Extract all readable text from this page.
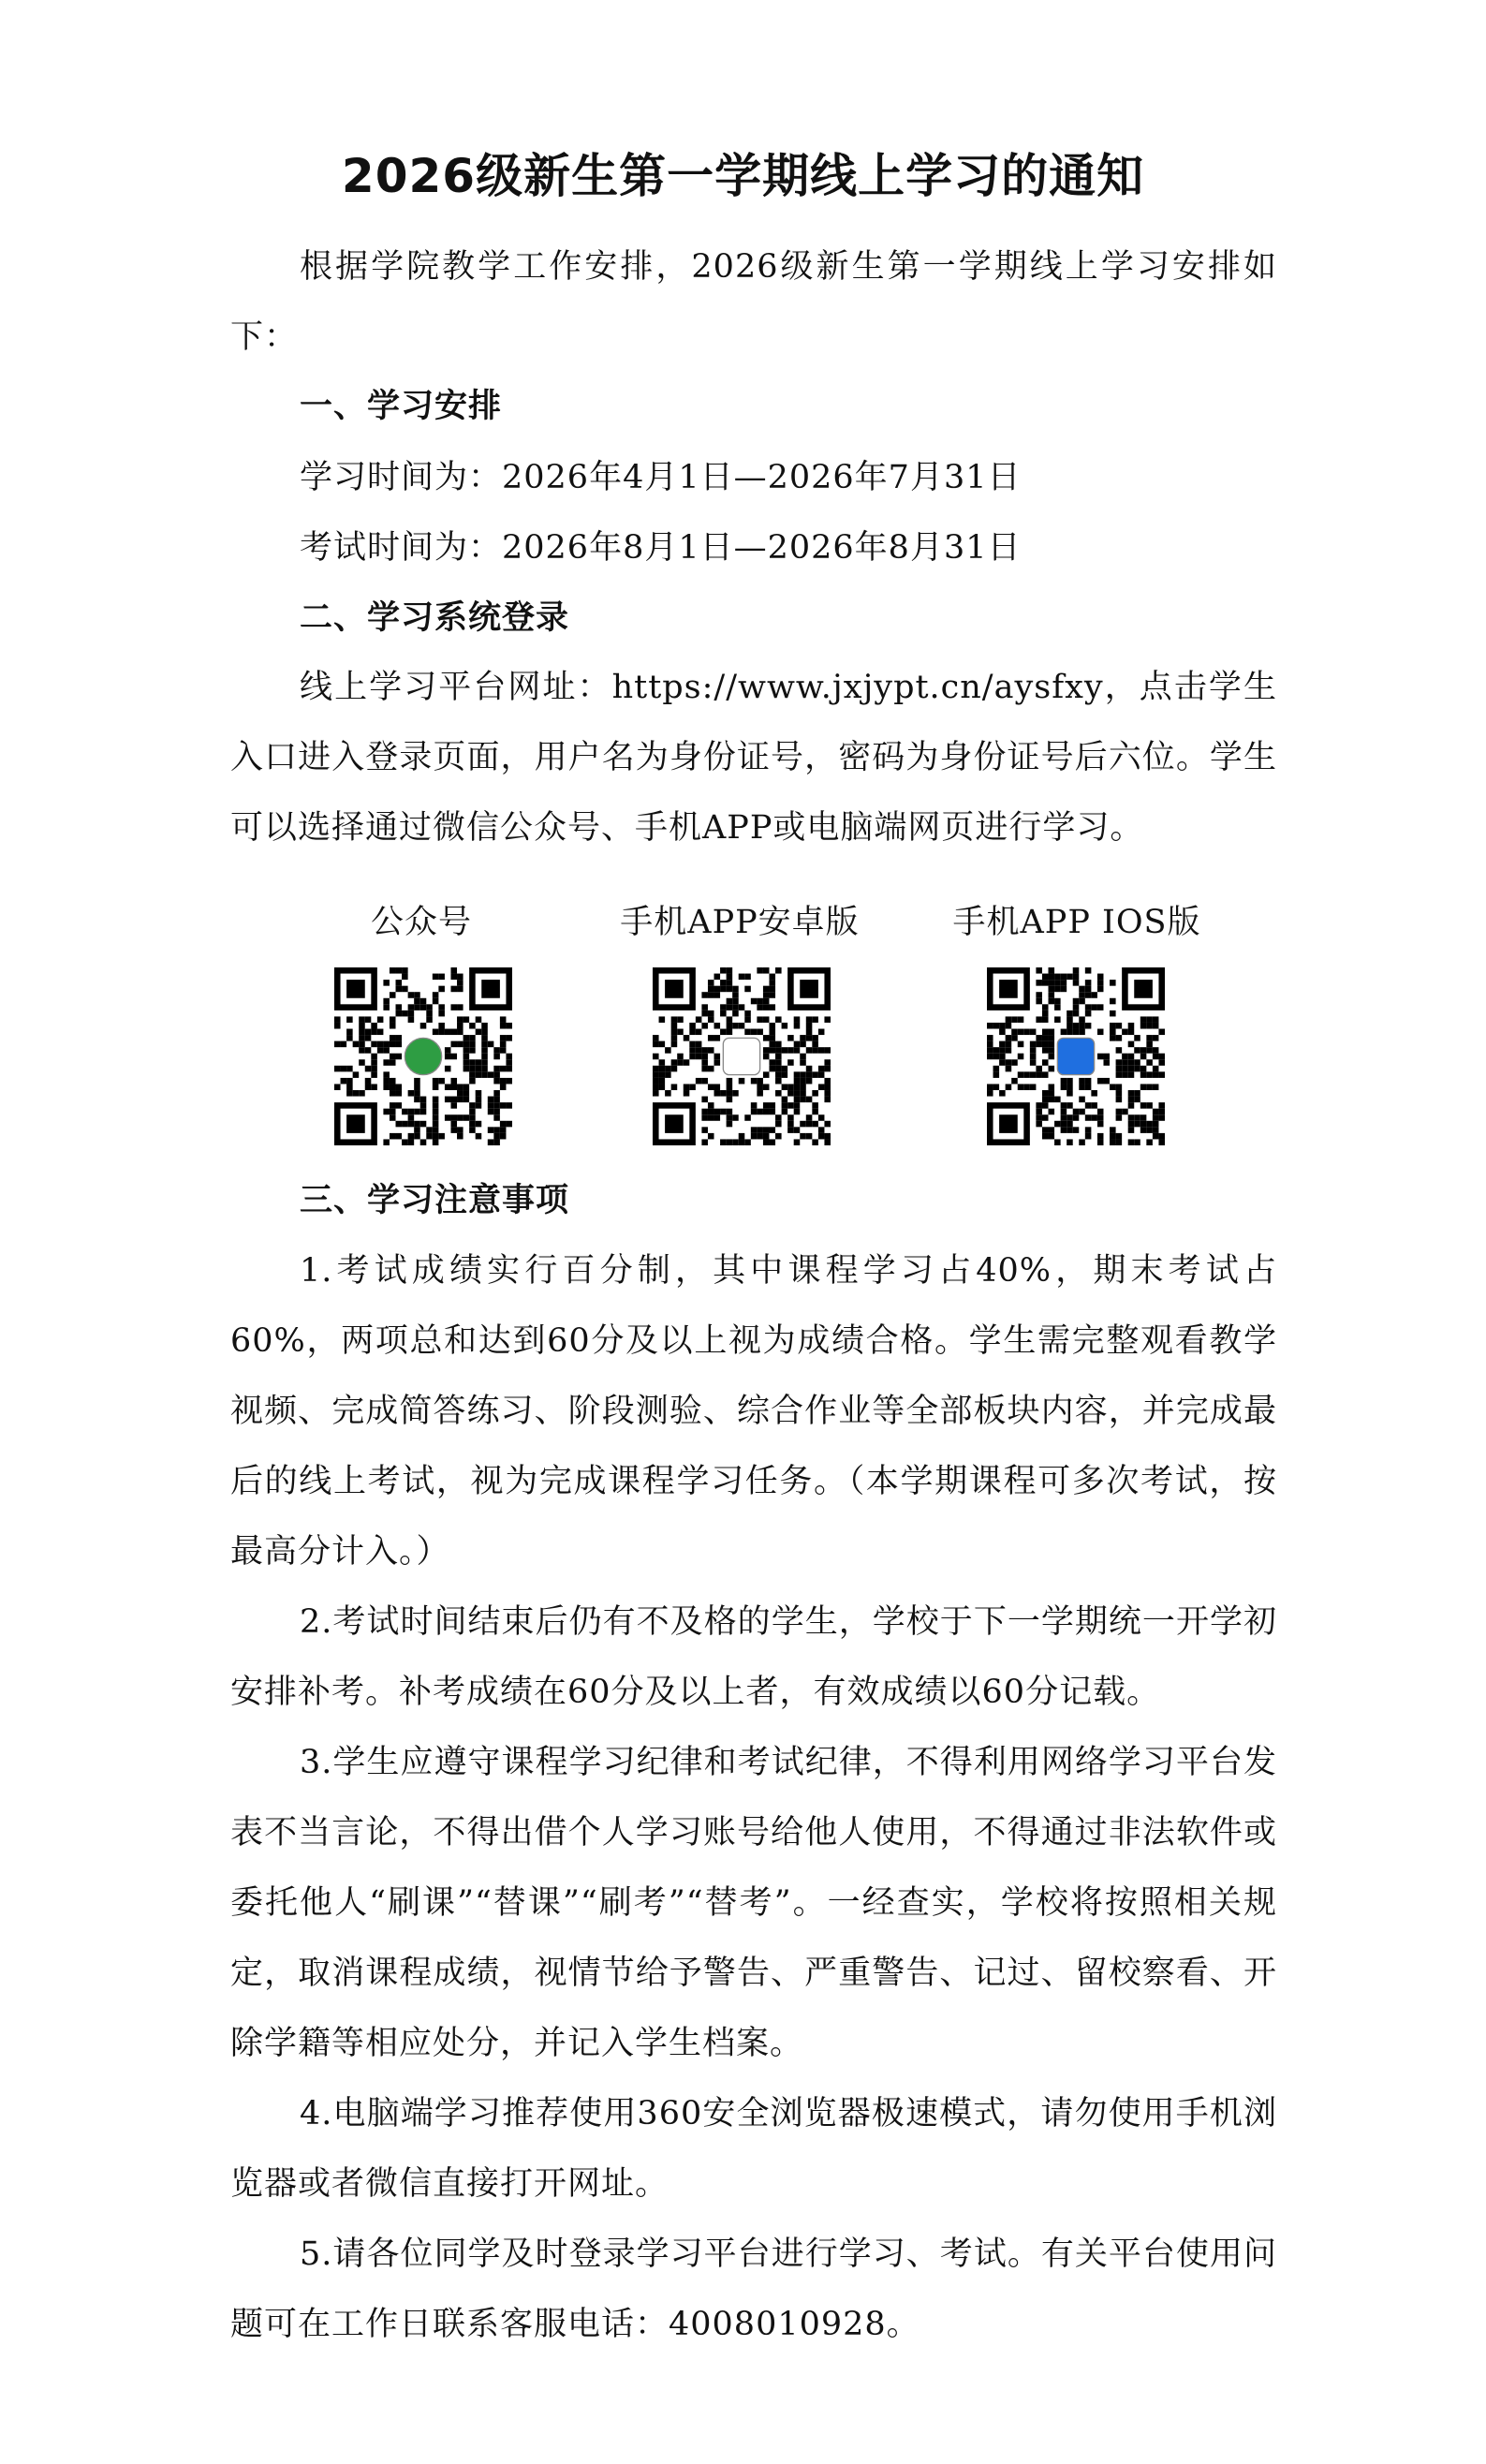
2026级新生第一学期线上学习的通知
根据学院教学工作安排，2026级新生第一学期线上学习安排如下：
一、学习安排
学习时间为：2026年4月1日—2026年7月31日
考试时间为：2026年8月1日—2026年8月31日
二、学习系统登录
线上学习平台网址：https://www.jxjypt.cn/aysfxy，点击学生入口进入登录页面，用户名为身份证号，密码为身份证号后六位。学生可以选择通过微信公众号、手机APP或电脑端网页进行学习。
公众号	手机APP安卓版	手机APP IOS版
三、学习注意事项
1.考试成绩实行百分制，其中课程学习占40%，期末考试占60%，两项总和达到60分及以上视为成绩合格。学生需完整观看教学视频、完成简答练习、阶段测验、综合作业等全部板块内容，并完成最后的线上考试，视为完成课程学习任务。（本学期课程可多次考试，按最高分计入。）
2.考试时间结束后仍有不及格的学生，学校于下一学期统一开学初安排补考。补考成绩在60分及以上者，有效成绩以60分记载。
3.学生应遵守课程学习纪律和考试纪律，不得利用网络学习平台发表不当言论，不得出借个人学习账号给他人使用，不得通过非法软件或委托他人“刷课”“替课”“刷考”“替考”。一经查实，学校将按照相关规定，取消课程成绩，视情节给予警告、严重警告、记过、留校察看、开除学籍等相应处分，并记入学生档案。
4.电脑端学习推荐使用360安全浏览器极速模式，请勿使用手机浏览器或者微信直接打开网址。
5.请各位同学及时登录学习平台进行学习、考试。有关平台使用问题可在工作日联系客服电话：4008010928。
